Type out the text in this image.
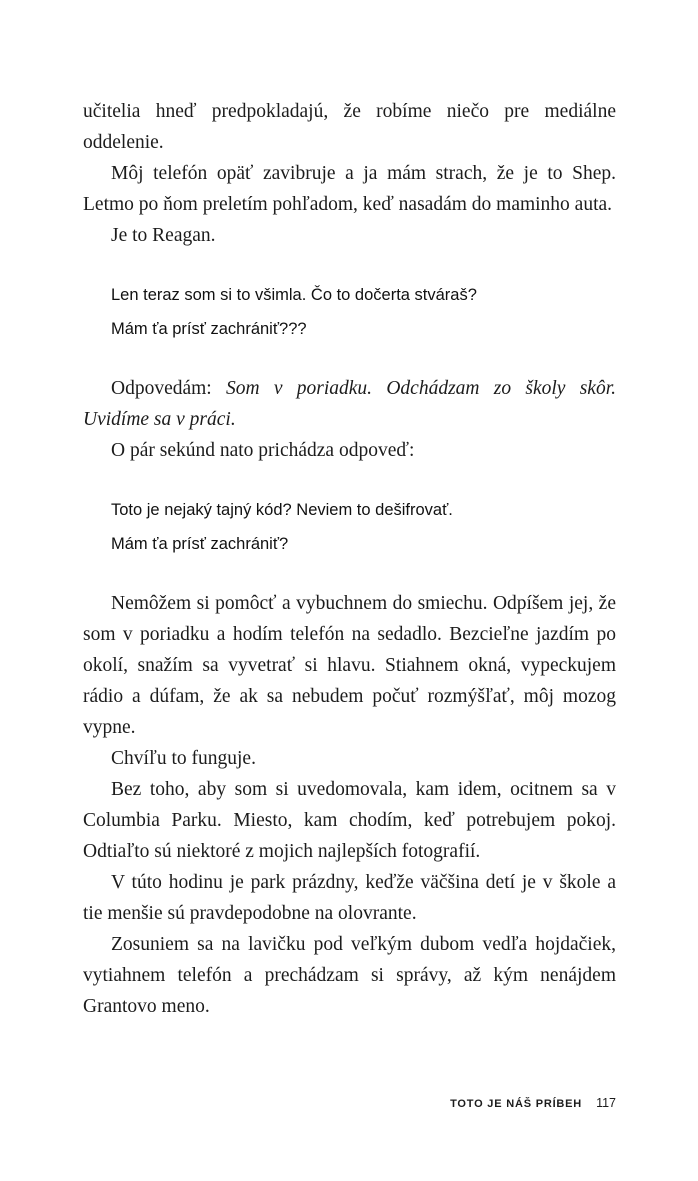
učitelia hneď predpokladajú, že robíme niečo pre mediálne oddelenie.

Môj telefón opäť zavibruje a ja mám strach, že je to Shep. Letmo po ňom preletím pohľadom, keď nasadám do maminho auta.

Je to Reagan.

Len teraz som si to všimla. Čo to dočerta stváraš?
Mám ťa prísť zachrániť???

Odpovedám: Som v poriadku. Odchádzam zo školy skôr. Uvidíme sa v práci.

O pár sekúnd nato prichádza odpoveď:

Toto je nejaký tajný kód? Neviem to dešifrovať.
Mám ťa prísť zachrániť?

Nemôžem si pomôcť a vybuchnem do smiechu. Odpíšem jej, že som v poriadku a hodím telefón na sedadlo. Bezcieľne jazdím po okolí, snažím sa vyvetrať si hlavu. Stiahnem okná, vypeckujem rádio a dúfam, že ak sa nebudem počuť rozmýšľať, môj mozog vypne.

Chvíľu to funguje.

Bez toho, aby som si uvedomovala, kam idem, ocitnem sa v Columbia Parku. Miesto, kam chodím, keď potrebujem pokoj. Odtiaľto sú niektoré z mojich najlepších fotografií.

V túto hodinu je park prázdny, keďže väčšina detí je v škole a tie menšie sú pravdepodobne na olovrante.

Zosuniem sa na lavičku pod veľkým dubom vedľa hojdačiek, vytiahnem telefón a prechádzam si správy, až kým nenájdem Grantovo meno.

TOTO JE NÁŠ PRÍBEH 117
